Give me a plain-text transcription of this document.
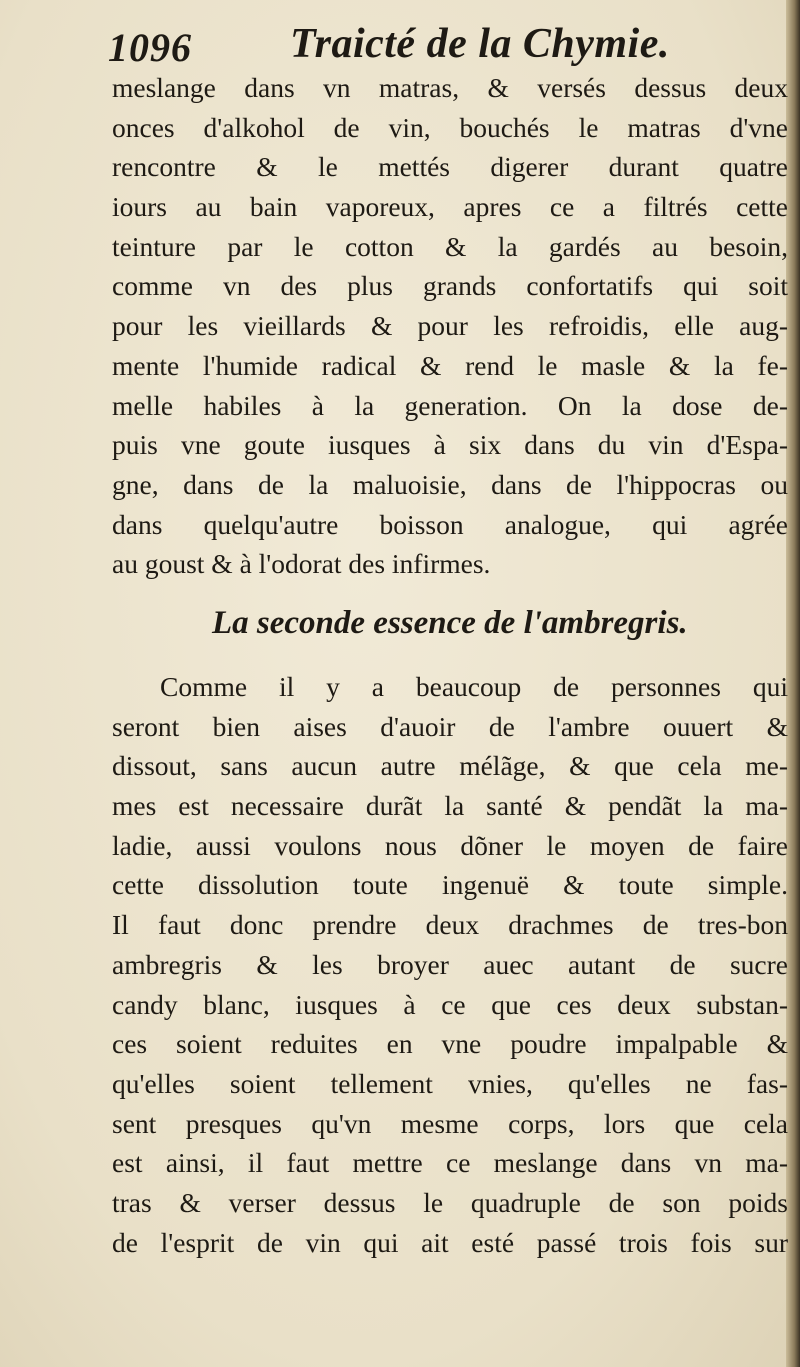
1096 Traicté de la Chymie.
meslange dans vn matras, & versés dessus deux
onces d'alkohol de vin, bouchés le matras d'vne
rencontre & le mettés digerer durant quatre
iours au bain vaporeux, apres ce a filtrés cette
teinture par le cotton & la gardés au besoin,
comme vn des plus grands confortatifs qui soit
pour les vieillards & pour les refroidis, elle aug-
mente l'humide radical & rend le masle & la fe-
melle habiles à la generation. On la dose de-
puis vne goute iusques à six dans du vin d'Espa-
gne, dans de la maluoisie, dans de l'hippocras ou
dans quelqu'autre boisson analogue, qui agrée
au goust & à l'odorat des infirmes.
La seconde essence de l'ambregris.
Comme il y a beaucoup de personnes qui
seront bien aises d'auoir de l'ambre ouuert &
dissout, sans aucun autre mélãge, & que cela me-
mes est necessaire durãt la santé & pendãt la ma-
ladie, aussi voulons nous dõner le moyen de faire
cette dissolution toute ingenuë & toute simple.
Il faut donc prendre deux drachmes de tres-bon
ambregris & les broyer auec autant de sucre
candy blanc, iusques à ce que ces deux substan-
ces soient reduites en vne poudre impalpable &
qu'elles soient tellement vnies, qu'elles ne fas-
sent presques qu'vn mesme corps, lors que cela
est ainsi, il faut mettre ce meslange dans vn ma-
tras & verser dessus le quadruple de son poids
de l'esprit de vin qui ait esté passé trois fois sur
